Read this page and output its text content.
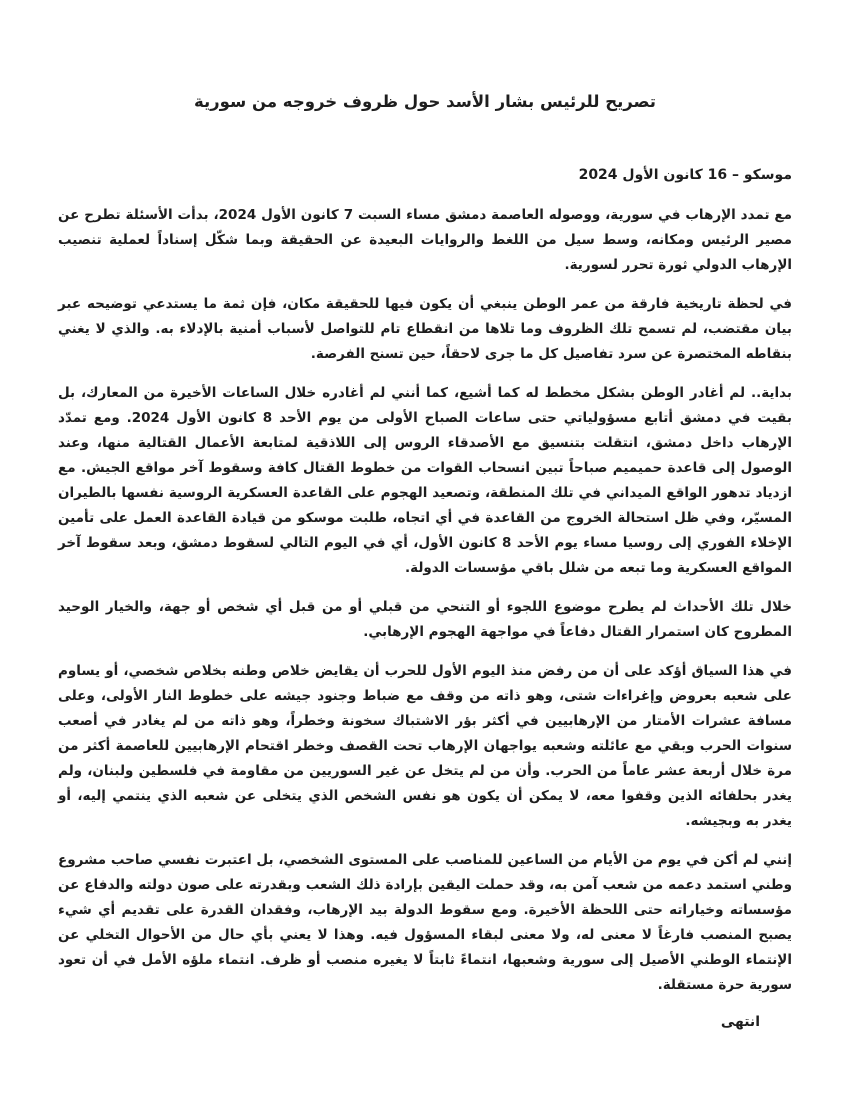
تصريح للرئيس بشار الأسد حول ظروف خروجه من سورية
موسكو – 16 كانون الأول 2024

مع تمدد الإرهاب في سورية، ووصوله العاصمة دمشق مساء السبت 7 كانون الأول 2024، بدأت الأسئلة تطرح عن مصير الرئيس ومكانه، وسط سيل من اللغط والروايات البعيدة عن الحقيقة وبما شكّل إسناداً لعملية تنصيب الإرهاب الدولي ثورة تحرر لسورية.

في لحظة تاريخية فارقة من عمر الوطن ينبغي أن يكون فيها للحقيقة مكان، فإن ثمة ما يستدعي توضيحه عبر بيان مقتضب، لم تسمح تلك الظروف وما تلاها من انقطاع تام للتواصل لأسباب أمنية بالإدلاء به. والذي لا يغني بنقاطه المختصرة عن سرد تفاصيل كل ما جرى لاحقاً، حين تسنح الفرصة.

بداية.. لم أغادر الوطن بشكل مخطط له كما أشيع، كما أنني لم أغادره خلال الساعات الأخيرة من المعارك، بل بقيت في دمشق أتابع مسؤولياتي حتى ساعات الصباح الأولى من يوم الأحد 8 كانون الأول 2024. ومع تمدّد الإرهاب داخل دمشق، انتقلت بتنسيق مع الأصدقاء الروس إلى اللاذقية لمتابعة الأعمال القتالية منها، وعند الوصول إلى قاعدة حميميم صباحاً تبين انسحاب القوات من خطوط القتال كافة وسقوط آخر مواقع الجيش. مع ازدياد تدهور الواقع الميداني في تلك المنطقة، وتصعيد الهجوم على القاعدة العسكرية الروسية نفسها بالطيران المسيّر، وفي ظل استحالة الخروج من القاعدة في أي اتجاه، طلبت موسكو من قيادة القاعدة العمل على تأمين الإخلاء الفوري إلى روسيا مساء يوم الأحد 8 كانون الأول، أي في اليوم التالي لسقوط دمشق، وبعد سقوط آخر المواقع العسكرية وما تبعه من شلل باقي مؤسسات الدولة.

خلال تلك الأحداث لم يطرح موضوع اللجوء أو التنحي من قبلي أو من قبل أي شخص أو جهة، والخيار الوحيد المطروح كان استمرار القتال دفاعاً في مواجهة الهجوم الإرهابي.

في هذا السياق أؤكد على أن من رفض منذ اليوم الأول للحرب أن يقايض خلاص وطنه بخلاص شخصي، أو يساوم على شعبه بعروض وإغراءات شتى، وهو ذاته من وقف مع ضباط وجنود جيشه على خطوط النار الأولى، وعلى مسافة عشرات الأمتار من الإرهابيين في أكثر بؤر الاشتباك سخونة وخطراً، وهو ذاته من لم يغادر في أصعب سنوات الحرب وبقي مع عائلته وشعبه يواجهان الإرهاب تحت القصف وخطر اقتحام الإرهابيين للعاصمة أكثر من مرة خلال أربعة عشر عاماً من الحرب. وأن من لم يتخل عن غير السوريين من مقاومة في فلسطين ولبنان، ولم يغدر بحلفائه الذين وقفوا معه، لا يمكن أن يكون هو نفس الشخص الذي يتخلى عن شعبه الذي ينتمي إليه، أو يغدر به وبجيشه.

إنني لم أكن في يوم من الأيام من الساعين للمناصب على المستوى الشخصي، بل اعتبرت نفسي صاحب مشروع وطني استمد دعمه من شعب آمن به، وقد حملت اليقين بإرادة ذلك الشعب وبقدرته على صون دولته والدفاع عن مؤسساته وخياراته حتى اللحظة الأخيرة. ومع سقوط الدولة بيد الإرهاب، وفقدان القدرة على تقديم أي شيء يصبح المنصب فارغاً لا معنى له، ولا معنى لبقاء المسؤول فيه. وهذا لا يعني بأي حال من الأحوال التخلي عن الإنتماء الوطني الأصيل إلى سورية وشعبها، انتماءً ثابتاً لا يغيره منصب أو ظرف. انتماء ملؤه الأمل في أن تعود سورية حرة مستقلة.

انتهى
